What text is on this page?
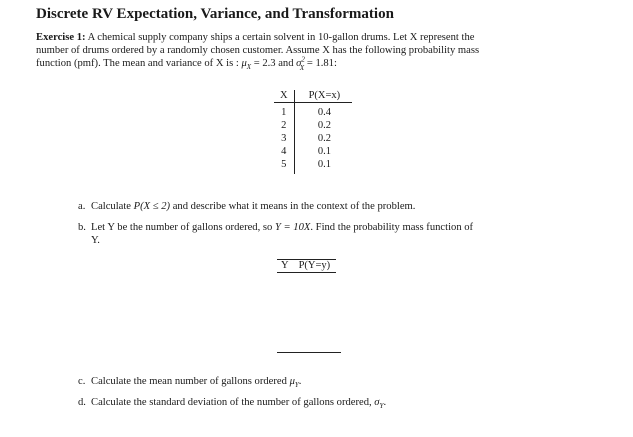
Discrete RV Expectation, Variance, and Transformation
Exercise 1: A chemical supply company ships a certain solvent in 10-gallon drums. Let X represent the
number of drums ordered by a randomly chosen customer. Assume X has the following probability mass
function (pmf). The mean and variance of X is : $\mu_X = 2.3$ and $\sigma^2_X = 1.81$:
X	P(X=x)
1	0.4
2	0.2
3	0.2
4	0.1
5	0.1
a. Calculate P(X ≤ 2) and describe what it means in the context of the problem.
b. Let Y be the number of gallons ordered, so Y = 10X. Find the probability mass function of
Y.
c. Calculate the mean number of gallons ordered $\mu_Y$.
d. Calculate the standard deviation of the number of gallons ordered, $\sigma_Y$.
Y	P(Y=y)
